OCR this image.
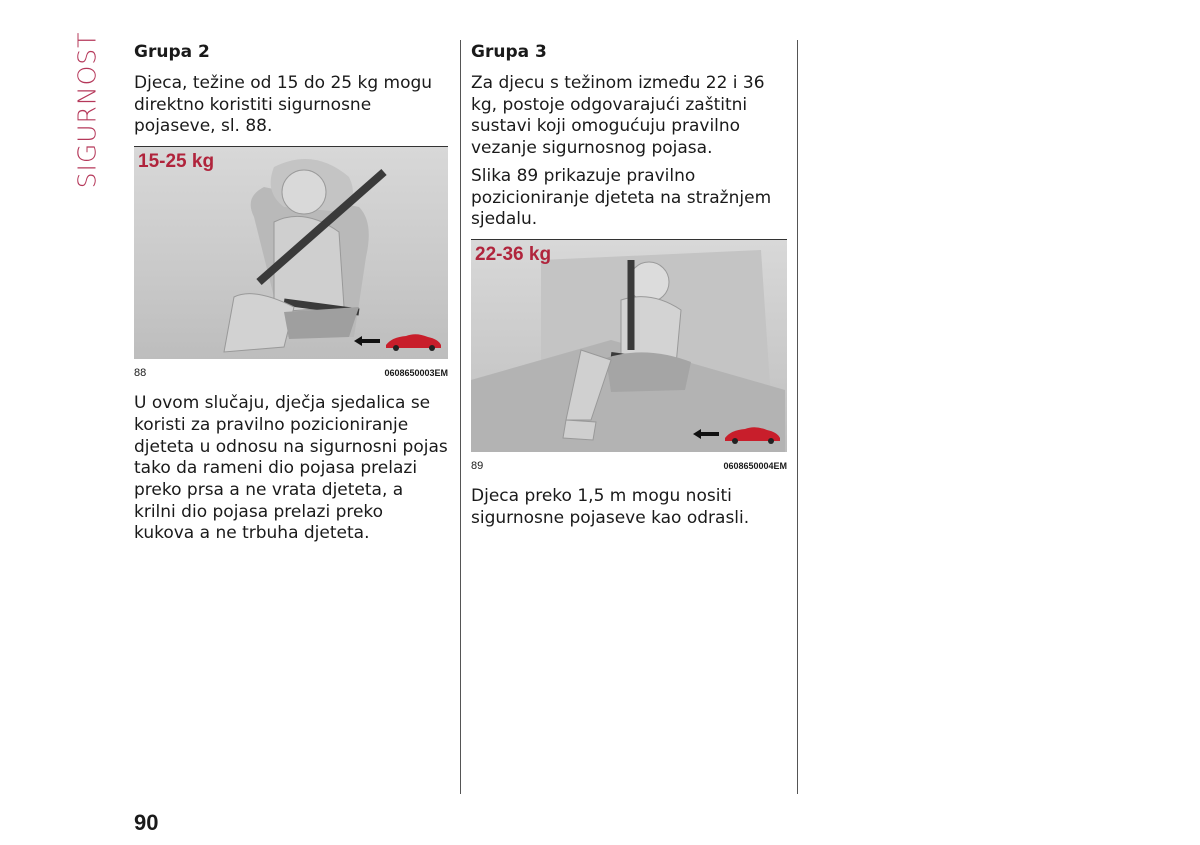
SIGURNOST Grupa 2

Djeca, težine od 15 do 25 kg mogu direktno koristiti sigurnosne pojaseve, sl. 88.

15-25 kg
88	0608650003EM

U ovom slučaju, dječja sjedalica se koristi za pravilno pozicioniranje djeteta u odnosu na sigurnosni pojas tako da rameni dio pojasa prelazi preko prsa a ne vrata djeteta, a krilni dio pojasa prelazi preko kukova a ne trbuha djeteta.

Grupa 3

Za djecu s težinom između 22 i 36 kg, postoje odgovarajući zaštitni sustavi koji omogućuju pravilno vezanje sigurnosnog pojasa.

Slika 89 prikazuje pravilno pozicioniranje djeteta na stražnjem sjedalu.

22-36 kg
89	0608650004EM

Djeca preko 1,5 m mogu nositi sigurnosne pojaseve kao odrasli.

90
